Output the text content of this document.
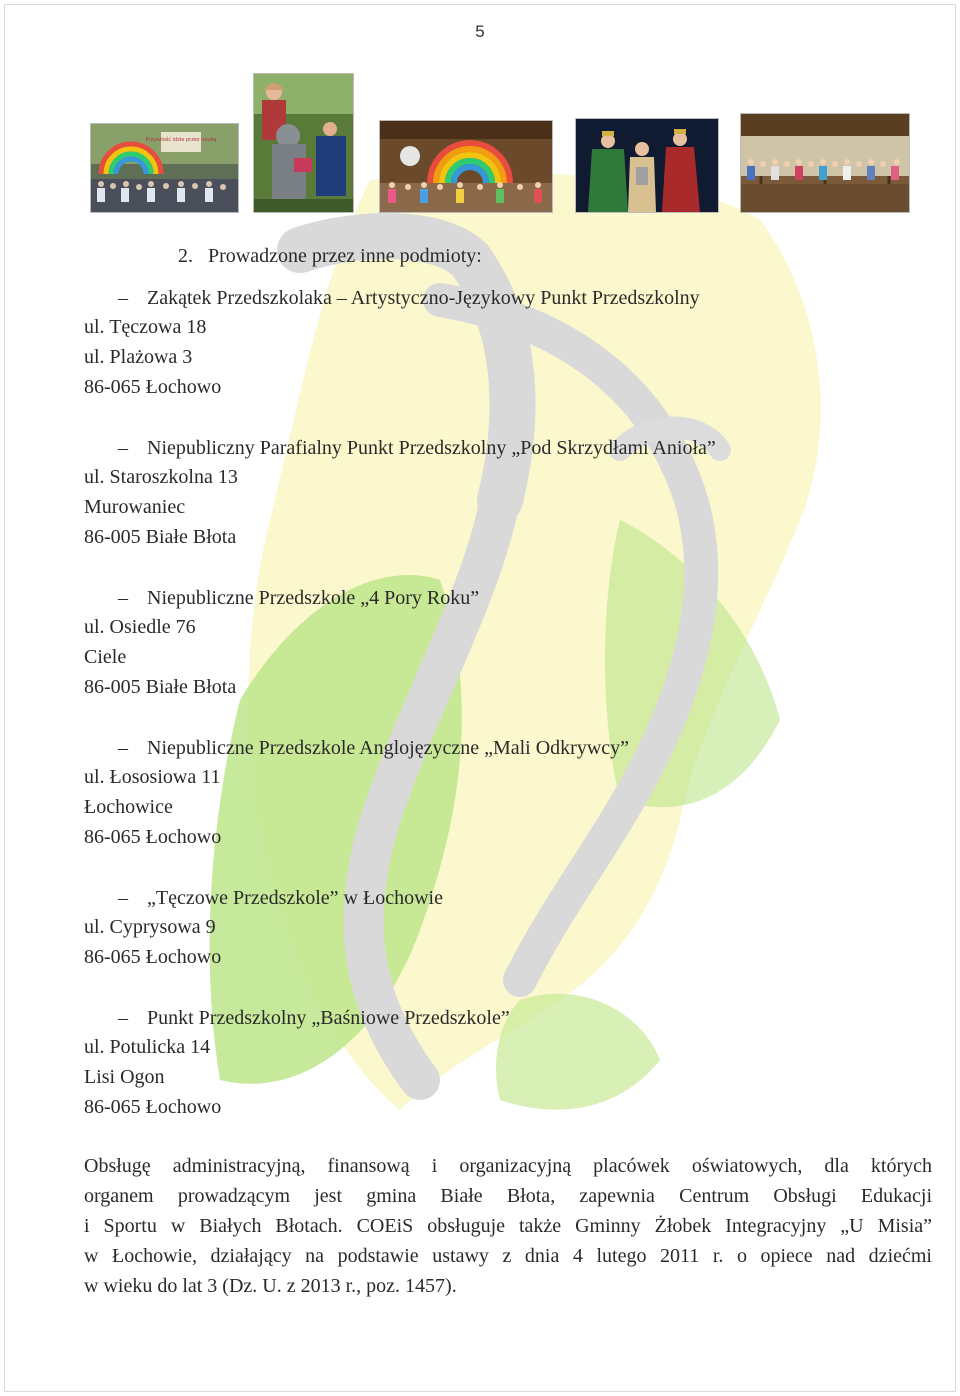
5
Przyszłość idzie przez naukę
2. Prowadzone przez inne podmioty:
– Zakątek Przedszkolaka – Artystyczno-Językowy Punkt Przedszkolny
ul. Tęczowa 18
ul. Plażowa 3
86-065 Łochowo
– Niepubliczny Parafialny Punkt Przedszkolny „Pod Skrzydłami Anioła”
ul. Staroszkolna 13
Murowaniec
86-005 Białe Błota
– Niepubliczne Przedszkole „4 Pory Roku”
ul. Osiedle 76
Ciele
86-005 Białe Błota
– Niepubliczne Przedszkole Anglojęzyczne „Mali Odkrywcy”
ul. Łososiowa 11
Łochowice
86-065 Łochowo
– „Tęczowe Przedszkole” w Łochowie
ul. Cyprysowa 9
86-065 Łochowo
– Punkt Przedszkolny „Baśniowe Przedszkole”
ul. Potulicka 14
Lisi Ogon
86-065 Łochowo
Obsługę administracyjną, finansową i organizacyjną placówek oświatowych, dla których
organem prowadzącym jest gmina Białe Błota, zapewnia Centrum Obsługi Edukacji
i Sportu w Białych Błotach. COEiS obsługuje także Gminny Żłobek Integracyjny „U Misia”
w Łochowie, działający na podstawie ustawy z dnia 4 lutego 2011 r. o opiece nad dziećmi
w wieku do lat 3 (Dz. U. z 2013 r., poz. 1457).
